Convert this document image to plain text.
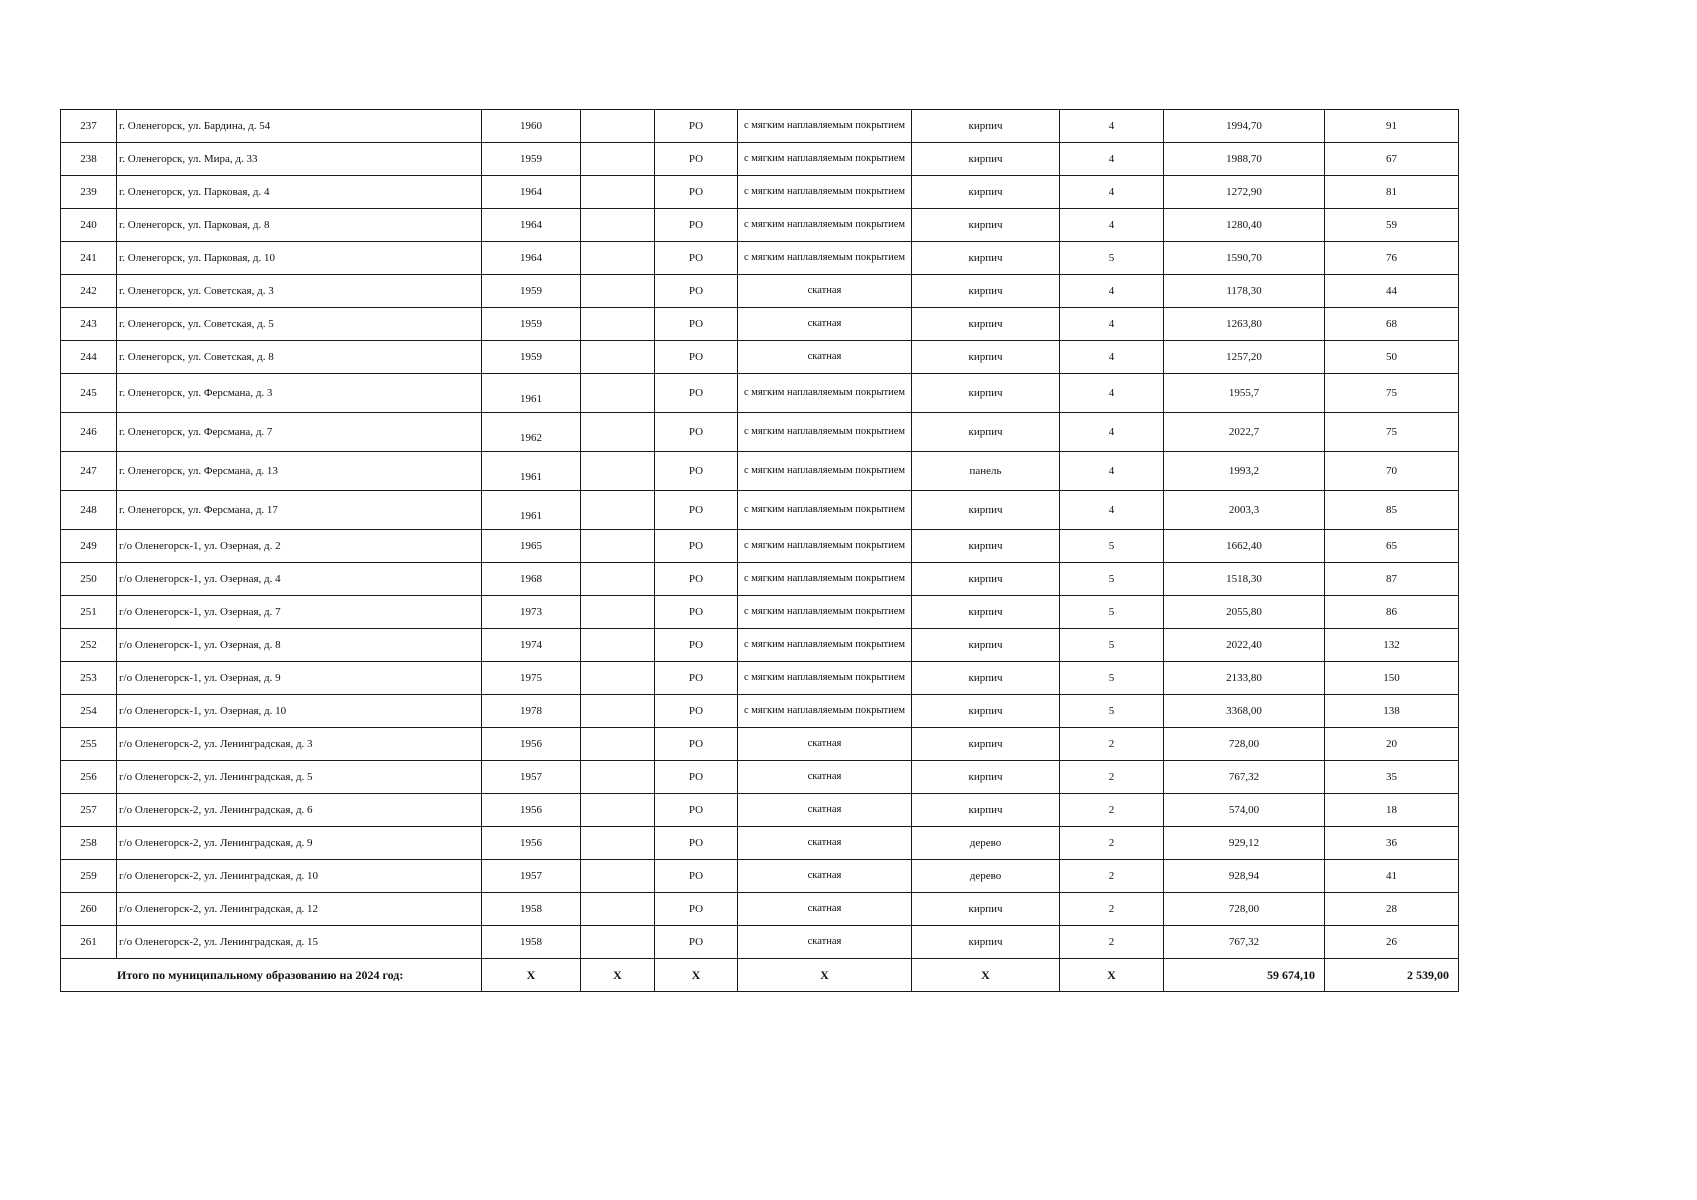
237	г. Оленегорск, ул. Бардина, д. 54	1960		РО	с мягким наплавляемым покрытием	кирпич	4	1994,70	91
238	г. Оленегорск, ул. Мира, д. 33	1959		РО	с мягким наплавляемым покрытием	кирпич	4	1988,70	67
239	г. Оленегорск, ул. Парковая, д. 4	1964		РО	с мягким наплавляемым покрытием	кирпич	4	1272,90	81
240	г. Оленегорск, ул. Парковая, д. 8	1964		РО	с мягким наплавляемым покрытием	кирпич	4	1280,40	59
241	г. Оленегорск, ул. Парковая, д. 10	1964		РО	с мягким наплавляемым покрытием	кирпич	5	1590,70	76
242	г. Оленегорск, ул. Советская, д. 3	1959		РО	скатная	кирпич	4	1178,30	44
243	г. Оленегорск, ул. Советская, д. 5	1959		РО	скатная	кирпич	4	1263,80	68
244	г. Оленегорск, ул. Советская, д. 8	1959		РО	скатная	кирпич	4	1257,20	50
245	г. Оленегорск, ул. Ферсмана, д. 3	1961		РО	с мягким наплавляемым покрытием	кирпич	4	1955,7	75
246	г. Оленегорск, ул. Ферсмана, д. 7	1962		РО	с мягким наплавляемым покрытием	кирпич	4	2022,7	75
247	г. Оленегорск, ул. Ферсмана, д. 13	1961		РО	с мягким наплавляемым покрытием	панель	4	1993,2	70
248	г. Оленегорск, ул. Ферсмана, д. 17	1961		РО	с мягким наплавляемым покрытием	кирпич	4	2003,3	85
249	г/о Оленегорск-1, ул. Озерная, д. 2	1965		РО	с мягким наплавляемым покрытием	кирпич	5	1662,40	65
250	г/о Оленегорск-1, ул. Озерная, д. 4	1968		РО	с мягким наплавляемым покрытием	кирпич	5	1518,30	87
251	г/о Оленегорск-1, ул. Озерная, д. 7	1973		РО	с мягким наплавляемым покрытием	кирпич	5	2055,80	86
252	г/о Оленегорск-1, ул. Озерная, д. 8	1974		РО	с мягким наплавляемым покрытием	кирпич	5	2022,40	132
253	г/о Оленегорск-1, ул. Озерная, д. 9	1975		РО	с мягким наплавляемым покрытием	кирпич	5	2133,80	150
254	г/о Оленегорск-1, ул. Озерная, д. 10	1978		РО	с мягким наплавляемым покрытием	кирпич	5	3368,00	138
255	г/о Оленегорск-2, ул. Ленинградская, д. 3	1956		РО	скатная	кирпич	2	728,00	20
256	г/о Оленегорск-2, ул. Ленинградская, д. 5	1957		РО	скатная	кирпич	2	767,32	35
257	г/о Оленегорск-2, ул. Ленинградская, д. 6	1956		РО	скатная	кирпич	2	574,00	18
258	г/о Оленегорск-2, ул. Ленинградская, д. 9	1956		РО	скатная	дерево	2	929,12	36
259	г/о Оленегорск-2, ул. Ленинградская, д. 10	1957		РО	скатная	дерево	2	928,94	41
260	г/о Оленегорск-2, ул. Ленинградская, д. 12	1958		РО	скатная	кирпич	2	728,00	28
261	г/о Оленегорск-2, ул. Ленинградская, д. 15	1958		РО	скатная	кирпич	2	767,32	26
Итого по муниципальному образованию на 2024 год:		X	X	X	X	X	X	59 674,10	2 539,00
